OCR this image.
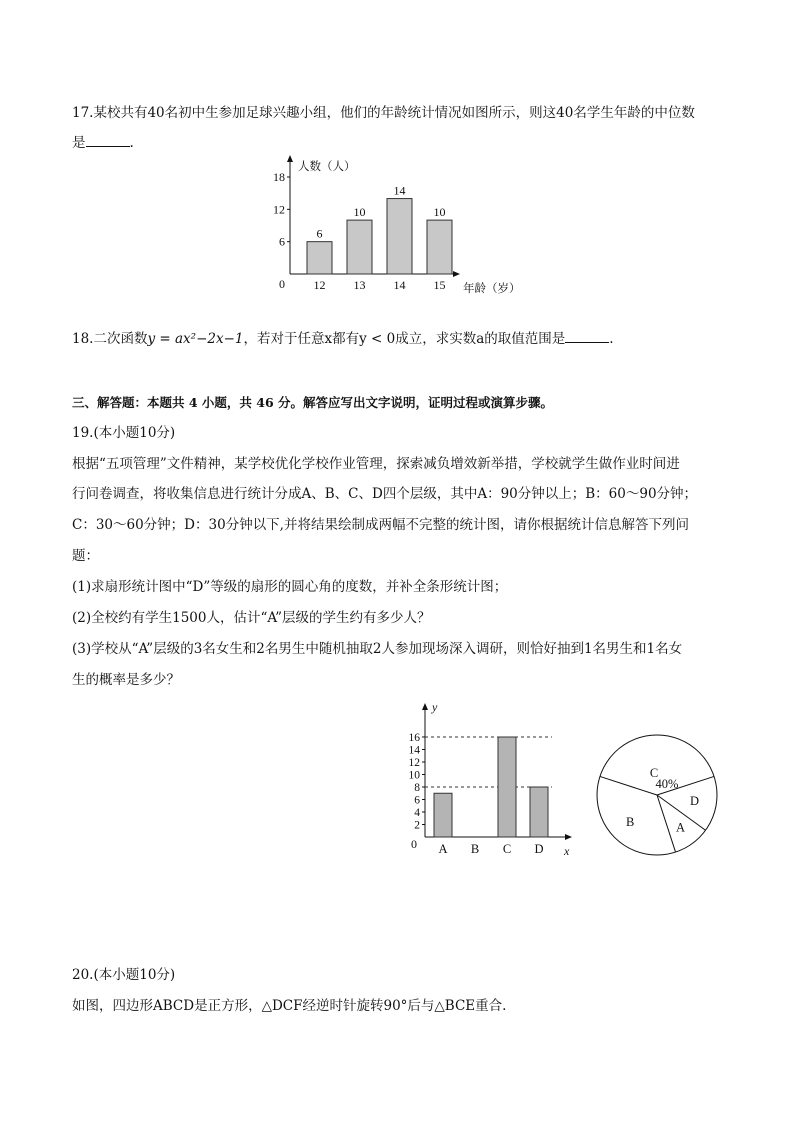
17.某校共有40名初中生参加足球兴趣小组，他们的年龄统计情况如图所示，则这40名学生年龄的中位数
是	.
人数（人）
年龄（岁）
0
6
12
18
6
12
10
13
14
14
10
15
18.二次函数y = ax²−2x−1，若对于任意x都有y < 0成立，求实数a的取值范围是	.
三、解答题：本题共 4 小题，共 46 分。解答应写出文字说明，证明过程或演算步骤。
19.(本小题10分)
根据“五项管理”文件精神，某学校优化学校作业管理，探索减负增效新举措，学校就学生做作业时间进
行问卷调查，将收集信息进行统计分成A、B、C、D四个层级，其中A：90分钟以上；B：60～90分钟；
C：30～60分钟；D：30分钟以下,并将结果绘制成两幅不完整的统计图，请你根据统计信息解答下列问
题：
(1)求扇形统计图中“D”等级的扇形的圆心角的度数，并补全条形统计图；
(2)全校约有学生1500人，估计“A”层级的学生约有多少人？
(3)学校从“A”层级的3名女生和2名男生中随机抽取2人参加现场深入调研，则恰好抽到1名男生和1名女
生的概率是多少？
y
x
0
2
4
6
8
10
12
14
16
A B C D
C
D
A
B
40%
20.(本小题10分)
如图，四边形ABCD是正方形，△DCF经逆时针旋转90°后与△BCE重合.
